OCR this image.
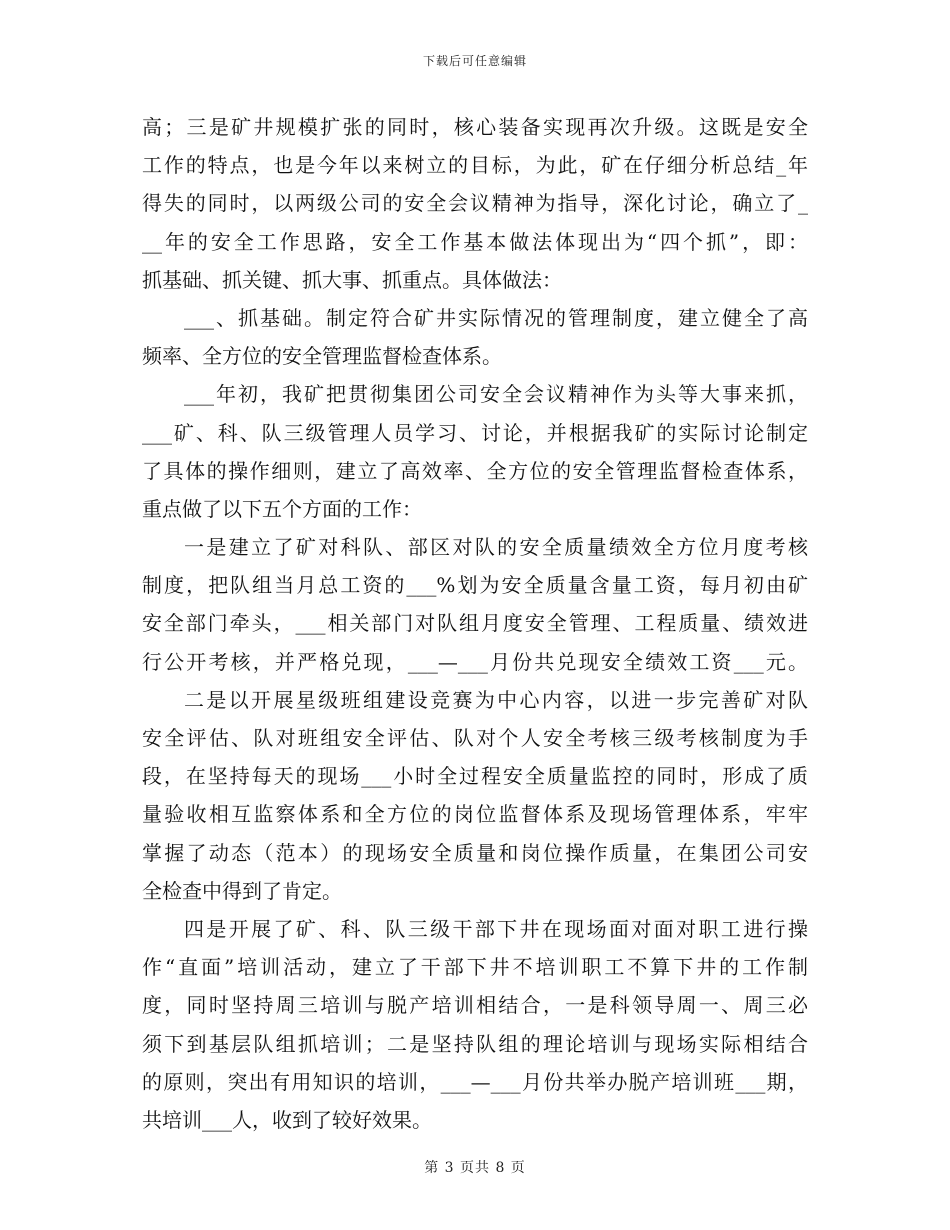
下载后可任意编辑
高；三是矿井规模扩张的同时，核心装备实现再次升级。这既是安全
工作的特点，也是今年以来树立的目标，为此，矿在仔细分析总结_年
得失的同时，以两级公司的安全会议精神为指导，深化讨论，确立了_
__年的安全工作思路，安全工作基本做法体现出为“四个抓”，即：
抓基础、抓关键、抓大事、抓重点。具体做法：
___、抓基础。制定符合矿井实际情况的管理制度，建立健全了高
频率、全方位的安全管理监督检查体系。
___年初，我矿把贯彻集团公司安全会议精神作为头等大事来抓，
___矿、科、队三级管理人员学习、讨论，并根据我矿的实际讨论制定
了具体的操作细则，建立了高效率、全方位的安全管理监督检查体系，
重点做了以下五个方面的工作：
一是建立了矿对科队、部区对队的安全质量绩效全方位月度考核
制度，把队组当月总工资的___%划为安全质量含量工资，每月初由矿
安全部门牵头，___相关部门对队组月度安全管理、工程质量、绩效进
行公开考核，并严格兑现，___—___月份共兑现安全绩效工资___元。
二是以开展星级班组建设竞赛为中心内容，以进一步完善矿对队
安全评估、队对班组安全评估、队对个人安全考核三级考核制度为手
段，在坚持每天的现场___小时全过程安全质量监控的同时，形成了质
量验收相互监察体系和全方位的岗位监督体系及现场管理体系，牢牢
掌握了动态（范本）的现场安全质量和岗位操作质量，在集团公司安
全检查中得到了肯定。
四是开展了矿、科、队三级干部下井在现场面对面对职工进行操
作“直面”培训活动，建立了干部下井不培训职工不算下井的工作制
度，同时坚持周三培训与脱产培训相结合，一是科领导周一、周三必
须下到基层队组抓培训；二是坚持队组的理论培训与现场实际相结合
的原则，突出有用知识的培训，___—___月份共举办脱产培训班___期，
共培训___人，收到了较好效果。
第 3 页共 8 页
